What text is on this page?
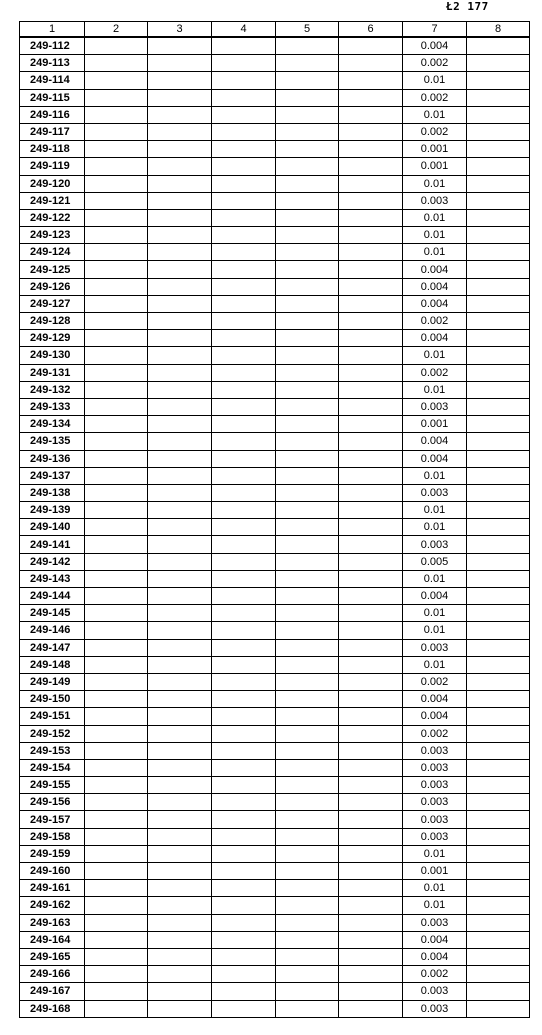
Ł2 177
1	2	3	4	5	6	7	8
249-112						0.004	
249-113						0.002	
249-114						0.01	
249-115						0.002	
249-116						0.01	
249-117						0.002	
249-118						0.001	
249-119						0.001	
249-120						0.01	
249-121						0.003	
249-122						0.01	
249-123						0.01	
249-124						0.01	
249-125						0.004	
249-126						0.004	
249-127						0.004	
249-128						0.002	
249-129						0.004	
249-130						0.01	
249-131						0.002	
249-132						0.01	
249-133						0.003	
249-134						0.001	
249-135						0.004	
249-136						0.004	
249-137						0.01	
249-138						0.003	
249-139						0.01	
249-140						0.01	
249-141						0.003	
249-142						0.005	
249-143						0.01	
249-144						0.004	
249-145						0.01	
249-146						0.01	
249-147						0.003	
249-148						0.01	
249-149						0.002	
249-150						0.004	
249-151						0.004	
249-152						0.002	
249-153						0.003	
249-154						0.003	
249-155						0.003	
249-156						0.003	
249-157						0.003	
249-158						0.003	
249-159						0.01	
249-160						0.001	
249-161						0.01	
249-162						0.01	
249-163						0.003	
249-164						0.004	
249-165						0.004	
249-166						0.002	
249-167						0.003	
249-168						0.003	
